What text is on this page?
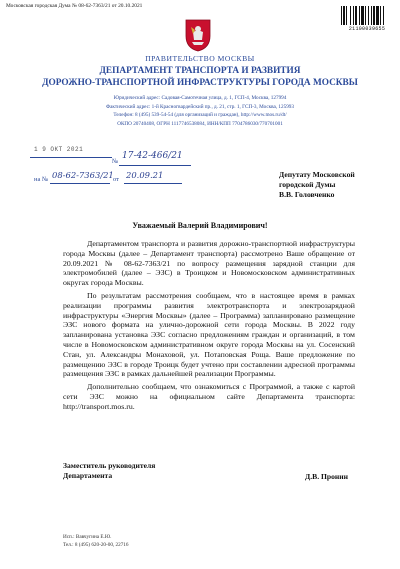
Московская городская Дума № 08-62-7363/21 от 20.10.2021
21100039655
ПРАВИТЕЛЬСТВО МОСКВЫ
ДЕПАРТАМЕНТ ТРАНСПОРТА И РАЗВИТИЯ
ДОРОЖНО-ТРАНСПОРТНОЙ ИНФРАСТРУКТУРЫ ГОРОДА МОСКВЫ
Юридический адрес: Садовая-Самотечная улица, д. 1, ГСП-4, Москва, 127994
Фактический адрес: 1-й Красногвардейский пр., д. 21, стр. 1, ГСП-3, Москва, 125993
Телефон: 8 (495) 539-54-54 (для организаций и граждан), http://www.mos.ru/dt/
ОКПО 20740408, ОГРН 1117746538084, ИНН/КПП 7704786030/770701001
1 9 ОКТ 2021
№
17-42-466/21
на № 08-62-7363/21 от 20.09.21	Депутату Московской
городской Думы
В.В. Головченко
Уважаемый Валерий Владимирович!

Департаментом транспорта и развития дорожно-транспортной инфраструктуры города Москвы (далее – Департамент транспорта) рассмотрено Ваше обращение от 20.09.2021 № 08-62-7363/21 по вопросу размещения зарядной станции для электромобилей (далее – ЭЗС) в Троицком и Новомосковском административных округах города Москвы.

По результатам рассмотрения сообщаем, что в настоящее время в рамках реализации программы развития электротранспорта и электрозарядной инфраструктуры «Энергия Москвы» (далее – Программа) запланировано размещение ЭЗС нового формата на улично-дорожной сети города Москвы. В 2022 году запланирована установка ЭЗС согласно предложениям граждан и организаций, в том числе в Новомосковском административном округе города Москвы на ул. Сосенский Стан, ул. Александры Монаховой, ул. Потаповская Роща. Ваше предложение по размещению ЭЗС в городе Троицк будет учтено при составлении адресной программы размещения ЭЗС в рамках дальнейшей реализации Программы.

Дополнительно сообщаем, что ознакомиться с Программой, а также с картой сети ЭЗС можно на официальном сайте Департамента транспорта: http://transport.mos.ru.

Заместитель руководителя
Департамента	Д.В. Пронин
Исп.: Вавчугина Е.Ю.
Тел.: 8 (495) 620-20-00, 22716
